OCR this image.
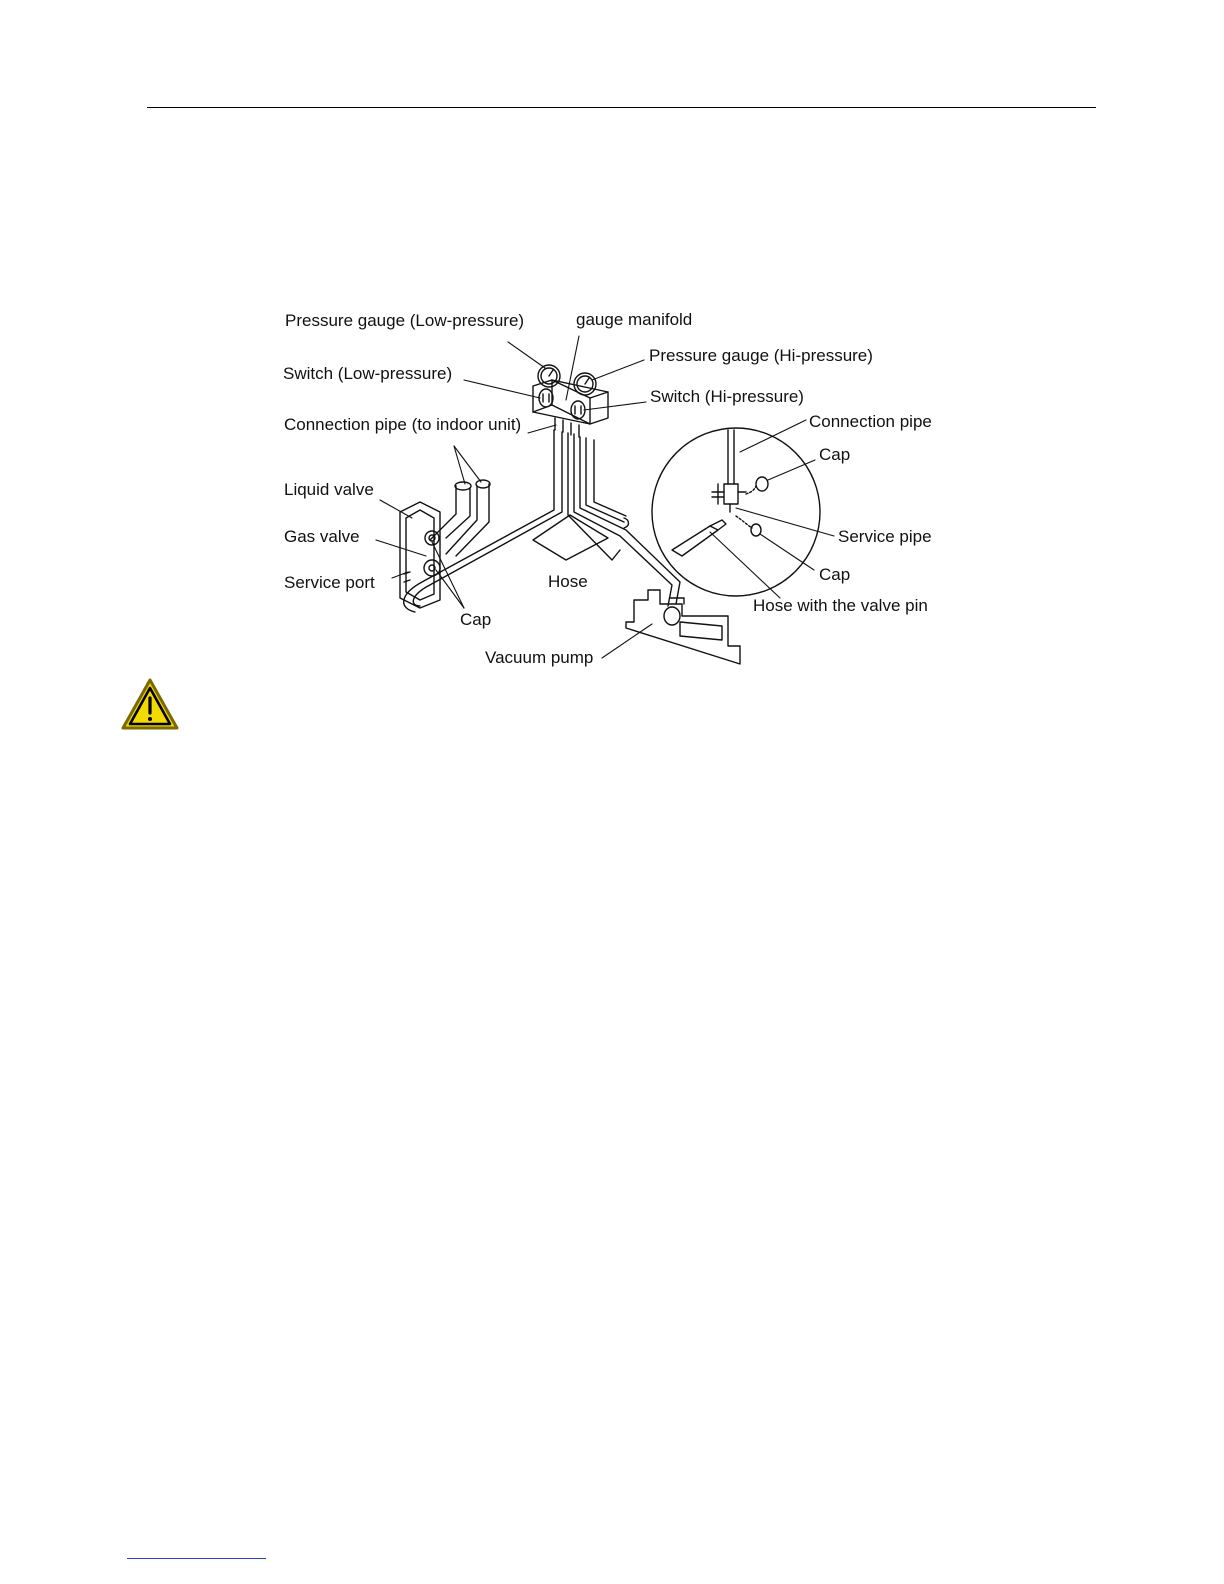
Pressure gauge (Low-pressure)	gauge manifold
Pressure gauge (Hi-pressure)
Switch (Low-pressure)
Switch (Hi-pressure)
Connection pipe (to indoor unit)	Connection pipe
Cap
Liquid valve
Gas valve	Service pipe
Service port	Hose	Cap
Hose with the valve pin
Cap
Vacuum pump
